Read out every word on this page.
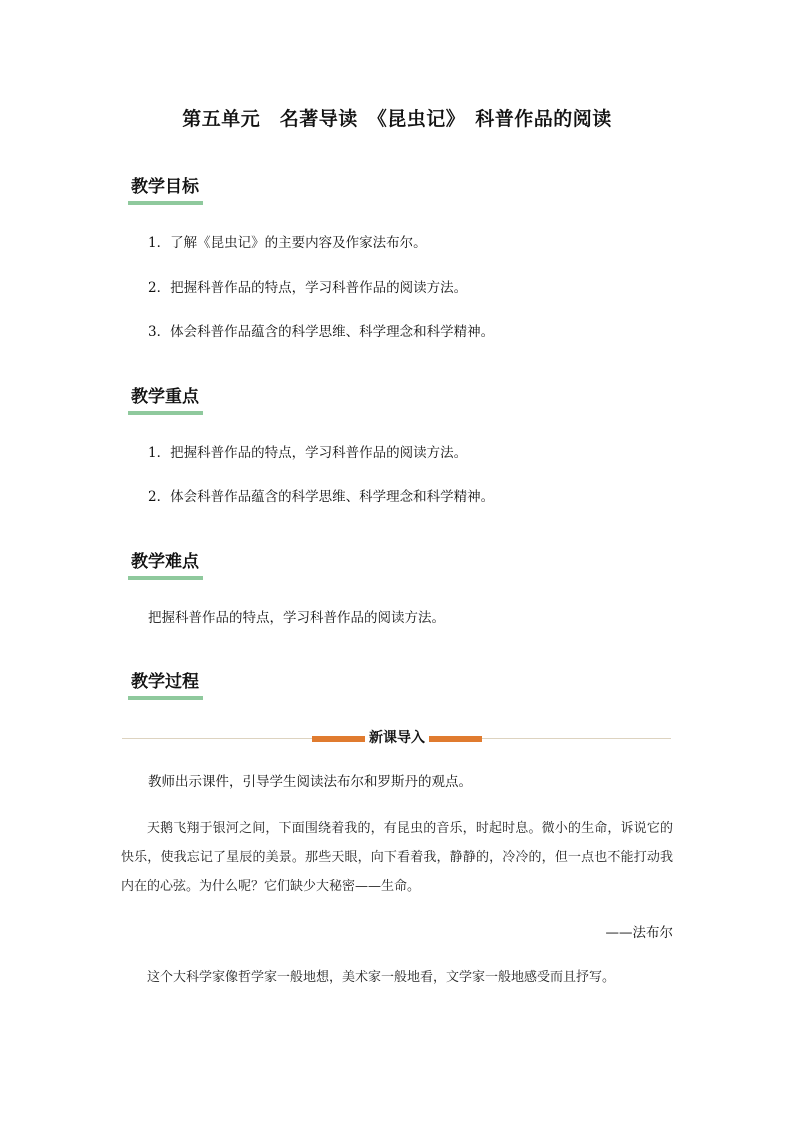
第五单元　名著导读　《昆虫记》　科普作品的阅读
教学目标
1．了解《昆虫记》的主要内容及作家法布尔。
2．把握科普作品的特点，学习科普作品的阅读方法。
3．体会科普作品蕴含的科学思维、科学理念和科学精神。
教学重点
1．把握科普作品的特点，学习科普作品的阅读方法。
2．体会科普作品蕴含的科学思维、科学理念和科学精神。
教学难点
把握科普作品的特点，学习科普作品的阅读方法。
教学过程
新课导入
教师出示课件，引导学生阅读法布尔和罗斯丹的观点。
天鹅飞翔于银河之间，下面围绕着我的，有昆虫的音乐，时起时息。微小的生命，诉说它的快乐，使我忘记了星辰的美景。那些天眼，向下看着我，静静的，冷冷的，但一点也不能打动我内在的心弦。为什么呢？它们缺少大秘密——生命。
——法布尔
这个大科学家像哲学家一般地想，美术家一般地看，文学家一般地感受而且抒写。
